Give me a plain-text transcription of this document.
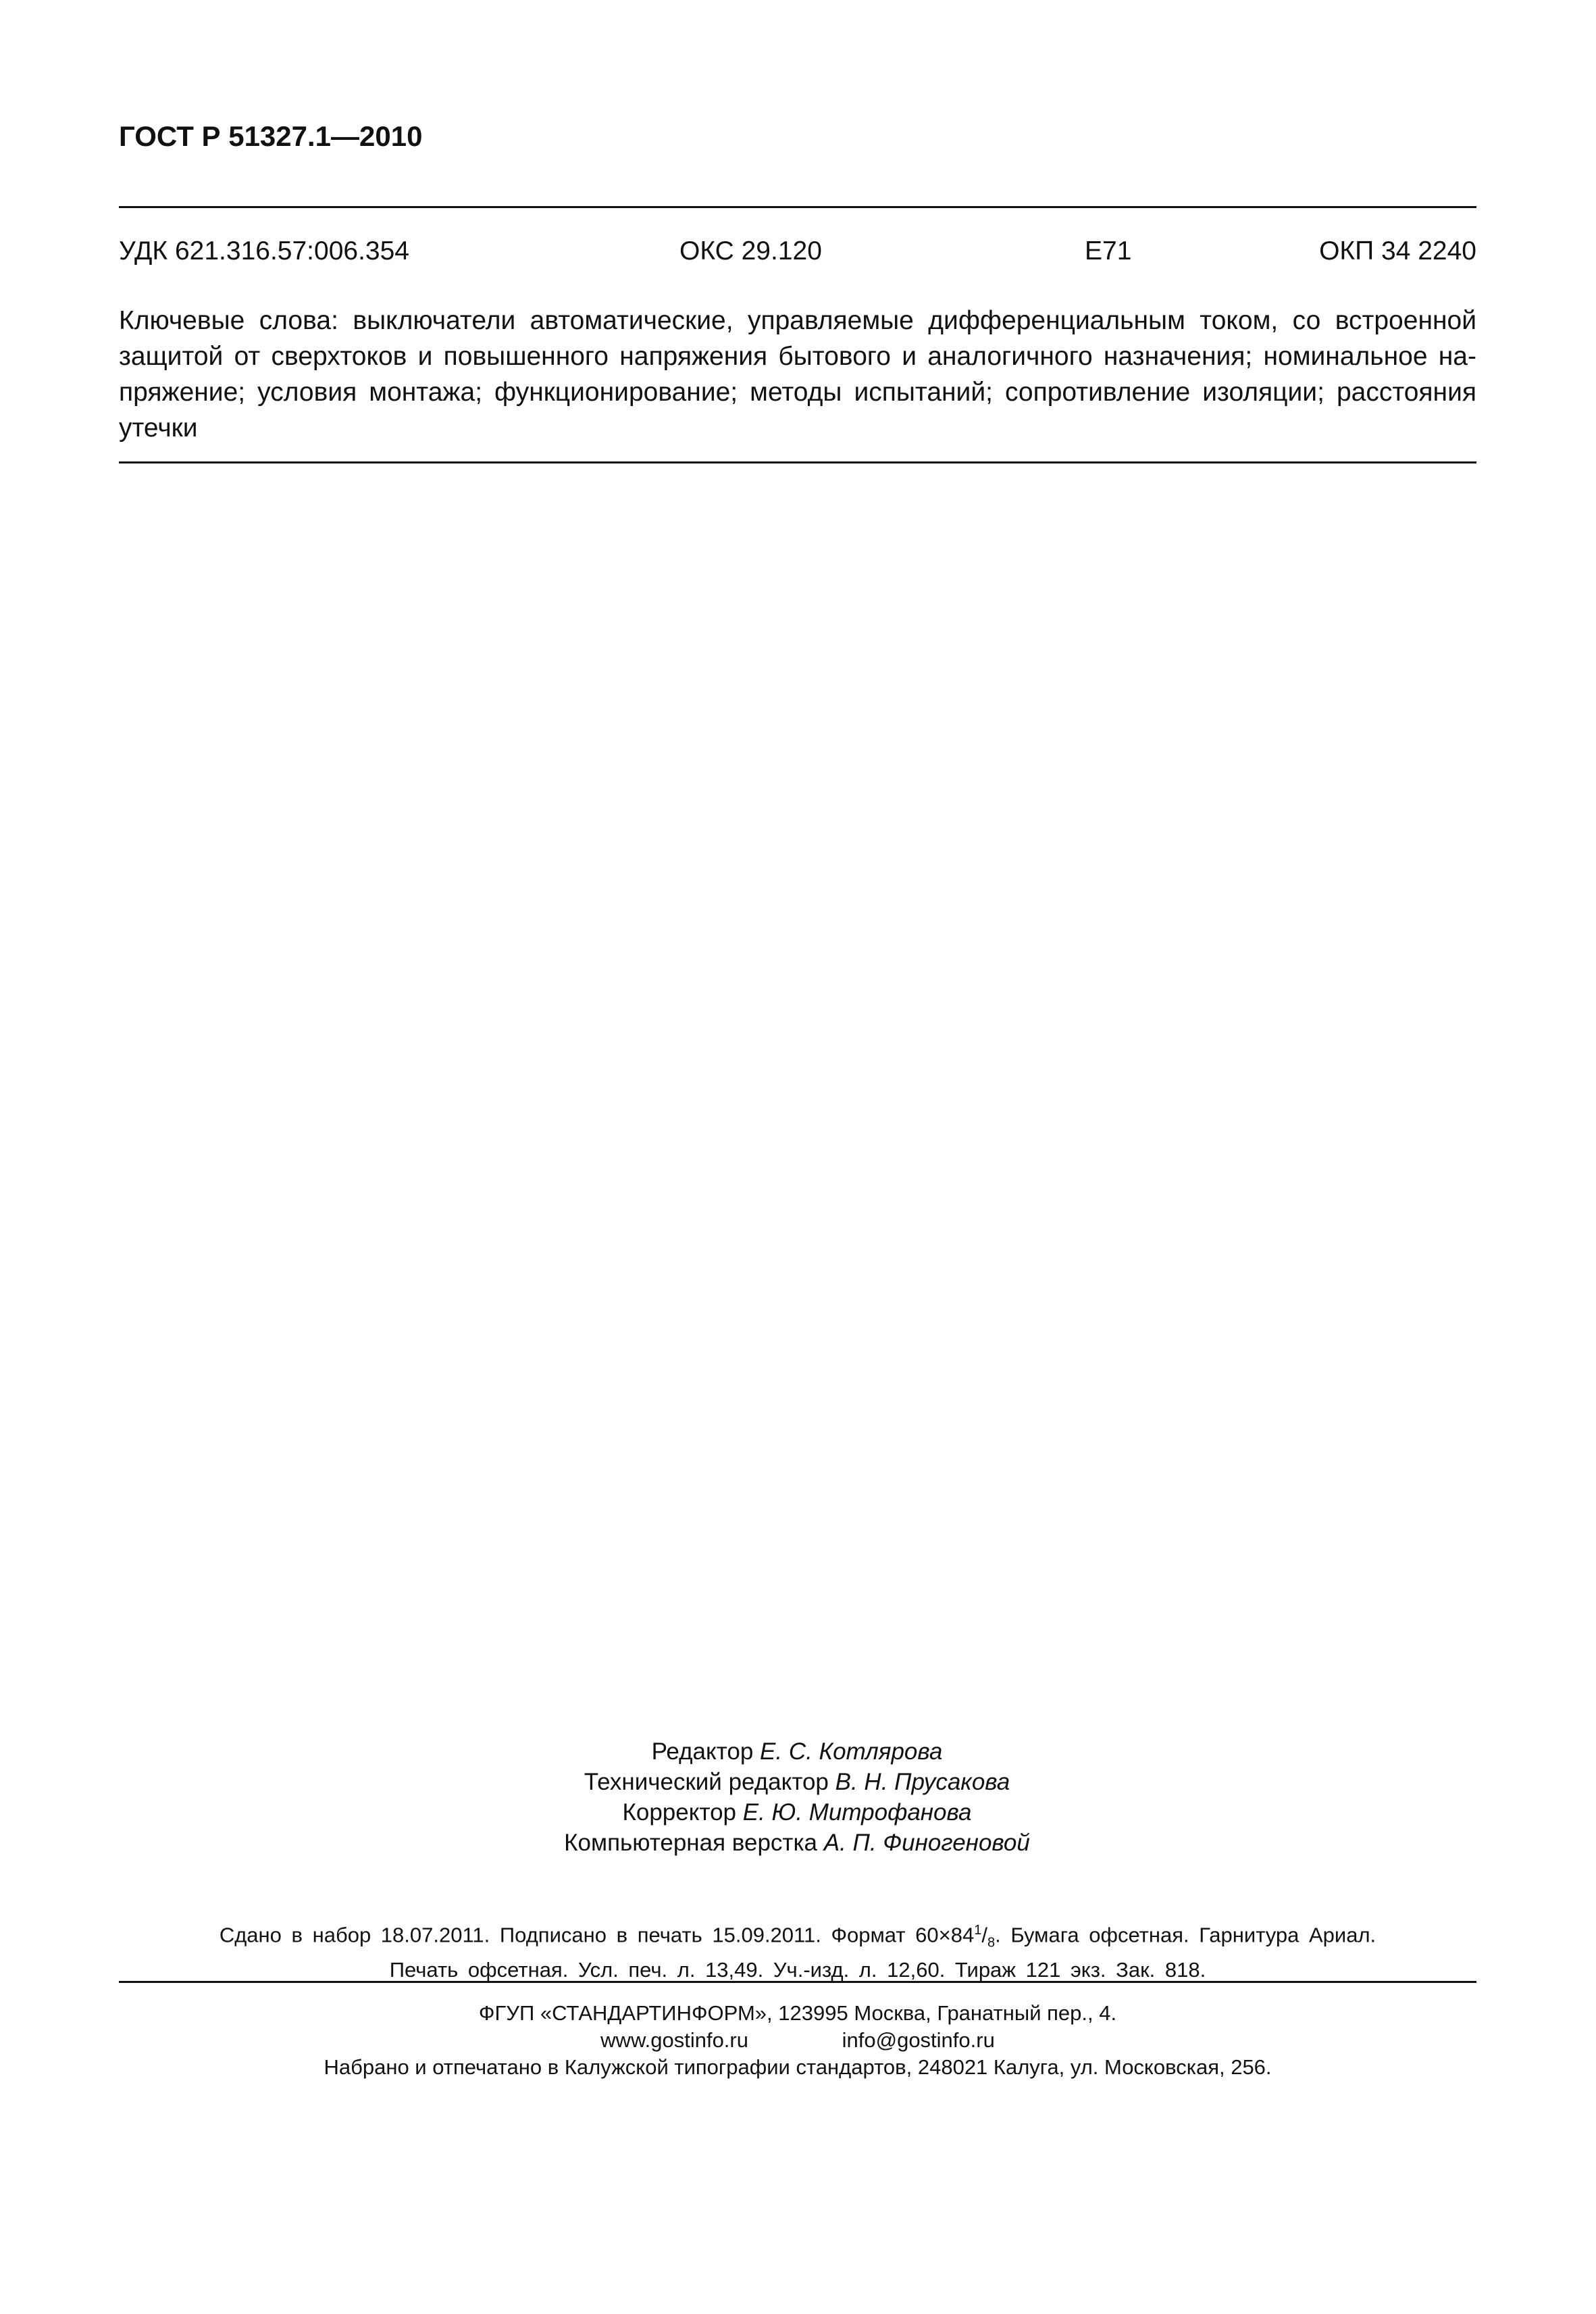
ГОСТ Р 51327.1—2010
УДК 621.316.57:006.354	ОКС 29.120	Е71	ОКП 34 2240
Ключевые слова: выключатели автоматические, управляемые дифференциальным током, со встроенной защитой от сверхтоков и повышенного напряжения бытового и аналогичного назначения; номинальное напряжение; условия монтажа; функционирование; методы испытаний; сопротивление изоляции; расстояния утечки
Редактор Е. С. Котлярова
Технический редактор В. Н. Прусакова
Корректор Е. Ю. Митрофанова
Компьютерная верстка А. П. Финогеновой
Сдано в набор 18.07.2011. Подписано в печать 15.09.2011. Формат $60\times 84^1/_8$. Бумага офсетная. Гарнитура Ариал.
Печать офсетная. Усл. печ. л. 13,49. Уч.-изд. л. 12,60. Тираж 121 экз. Зак. 818.
ФГУП «СТАНДАРТИНФОРМ», 123995 Москва, Гранатный пер., 4.
www.gostinfo.ru	info@gostinfo.ru
Набрано и отпечатано в Калужской типографии стандартов, 248021 Калуга, ул. Московская, 256.
